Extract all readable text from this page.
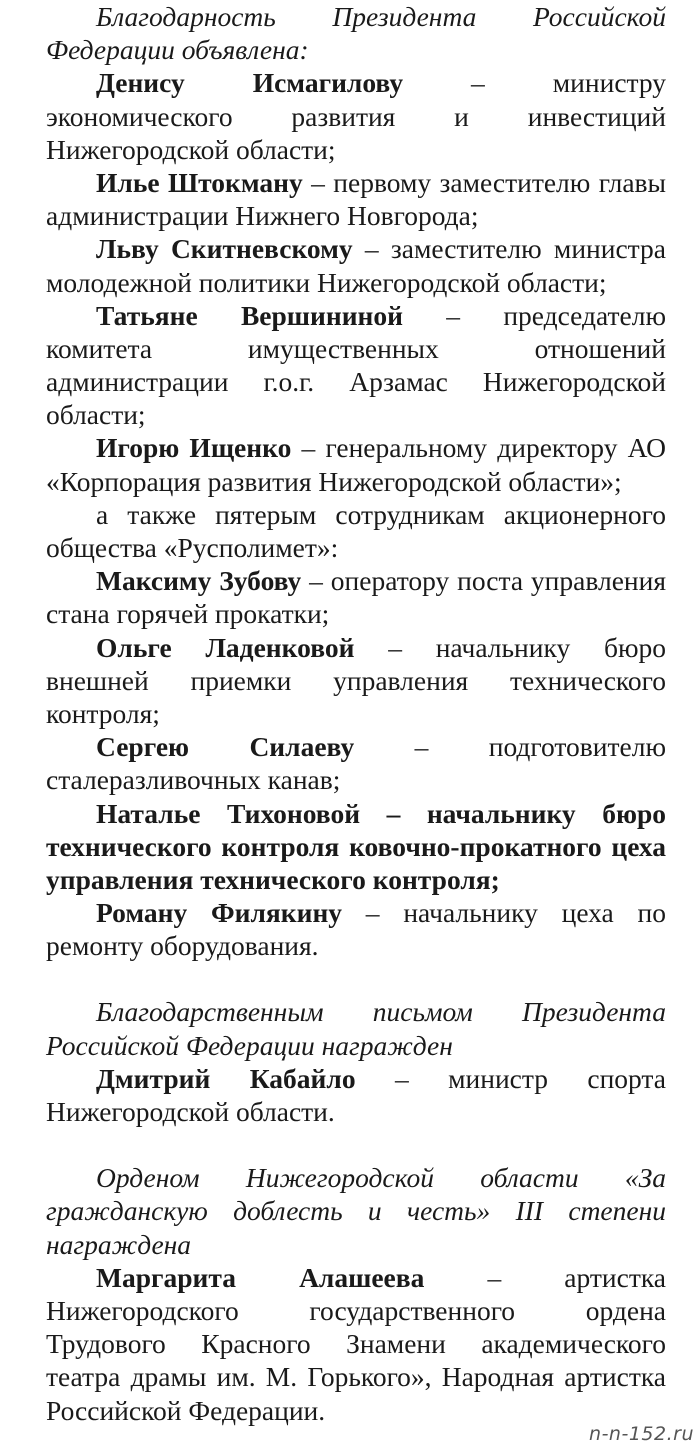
Благодарность Президента Российской
Федерации объявлена:
Денису Исмагилову – министру
экономического развития и инвестиций
Нижегородской области;
Илье Штокману – первому заместителю главы
администрации Нижнего Новгорода;
Льву Скитневскому – заместителю министра
молодежной политики Нижегородской области;
Татьяне Вершининой – председателю
комитета имущественных отношений
администрации г.о.г. Арзамас Нижегородской
области;
Игорю Ищенко – генеральному директору АО
«Корпорация развития Нижегородской области»;
а также пятерым сотрудникам акционерного
общества «Русполимет»:
Максиму Зубову – оператору поста управления
стана горячей прокатки;
Ольге Ладенковой – начальнику бюро
внешней приемки управления технического
контроля;
Сергею Силаеву – подготовителю
сталеразливочных канав;
Наталье Тихоновой – начальнику бюро
технического контроля ковочно-прокатного цеха
управления технического контроля;
Роману Филякину – начальнику цеха по
ремонту оборудования.
Благодарственным письмом Президента
Российской Федерации награжден
Дмитрий Кабайло – министр спорта
Нижегородской области.
Орденом Нижегородской области «За
гражданскую доблесть и честь» III степени
награждена
Маргарита Алашеева – артистка
Нижегородского государственного ордена
Трудового Красного Знамени академического
театра драмы им. М. Горького», Народная артистка
Российской Федерации.
n-n-152.ru
